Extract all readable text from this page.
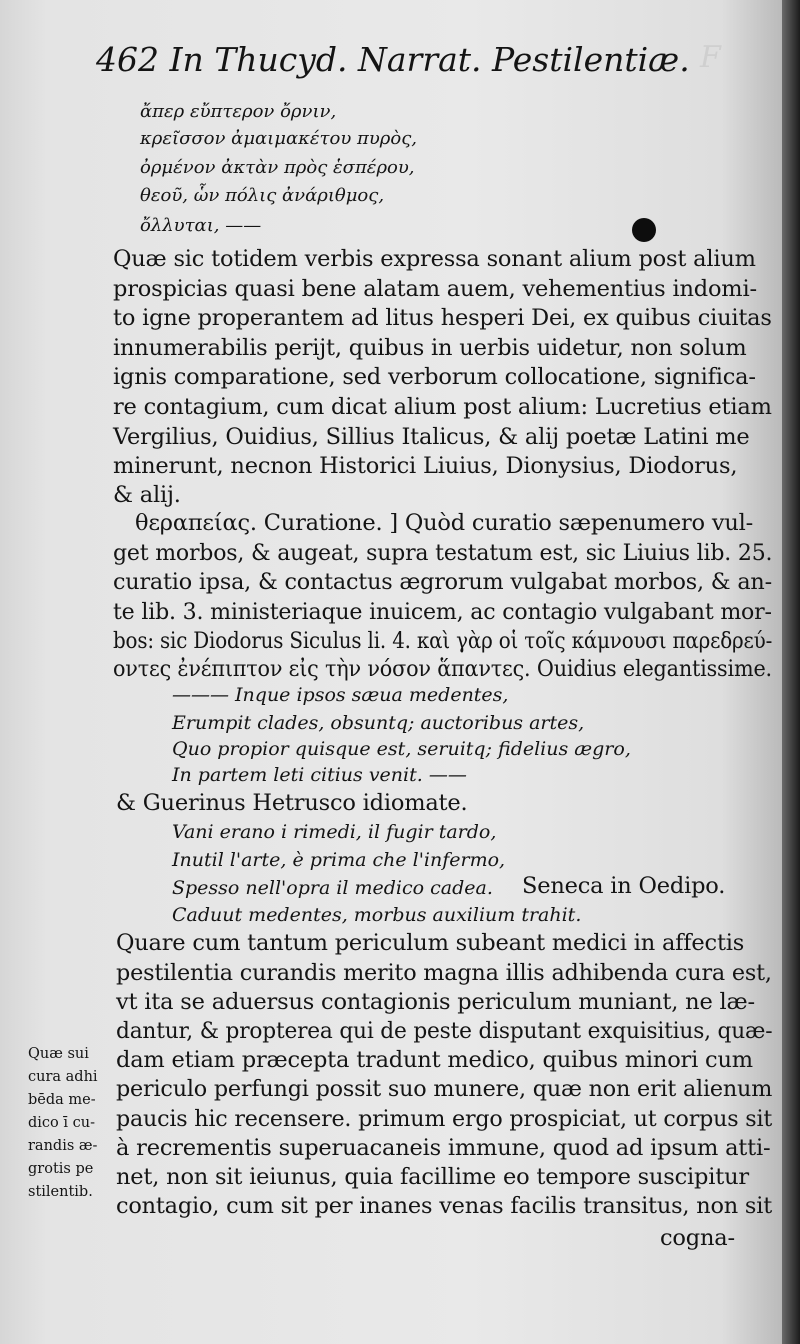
F
462 In Thucyd. Narrat. Pestilentiæ.
ἄπερ εὔπτερον ὄρνιν,
κρεῖσσον ἀμαιμακέτου πυρὸς,
ὀρμένον ἀκτὰν πρὸς ἑσπέρου,
θεοῦ, ὧν πόλις ἀνάριθμος,
ὄλλυται, ——
Quæ sic totidem verbis expressa sonant alium post alium
prospicias quasi bene alatam auem, vehementius indomi-
to igne properantem ad litus hesperi Dei, ex quibus ciuitas
innumerabilis perijt, quibus in uerbis uidetur, non solum
ignis comparatione, sed verborum collocatione, significa-
re contagium, cum dicat alium post alium: Lucretius etiam
Vergilius, Ouidius, Sillius Italicus, & alij poetæ Latini me
minerunt, necnon Historici Liuius, Dionysius, Diodorus,
& alij.
θεραπείας. Curatione. ] Quòd curatio sæpenumero vul-
get morbos, & augeat, supra testatum est, sic Liuius lib. 25.
curatio ipsa, & contactus ægrorum vulgabat morbos, & an-
te lib. 3. ministeriaque inuicem, ac contagio vulgabant mor-
bos: sic Diodorus Siculus li. 4. καὶ γὰρ οἱ τοῖς κάμνουσι παρεδρεύ-
οντες ἐνέπιπτον εἰς τὴν νόσον ἅπαντες. Ouidius elegantissime.
——— Inque ipsos sæua medentes,
Erumpit clades, obsuntq; auctoribus artes,
Quo propior quisque est, seruitq; fidelius ægro,
In partem leti citius venit. ——
& Guerinus Hetrusco idiomate.
Vani erano i rimedi, il fugir tardo,
Inutil l'arte, è prima che l'infermo,
Spesso nell'opra il medico cadea. Seneca in Oedipo.
Caduut medentes, morbus auxilium trahit.
Quare cum tantum periculum subeant medici in affectis
pestilentia curandis merito magna illis adhibenda cura est,
vt ita se aduersus contagionis periculum muniant, ne læ-
dantur, & propterea qui de peste disputant exquisitius, quæ-
dam etiam præcepta tradunt medico, quibus minori cum
periculo perfungi possit suo munere, quæ non erit alienum
paucis hic recensere. primum ergo prospiciat, ut corpus sit
à recrementis superuacaneis immune, quod ad ipsum atti-
net, non sit ieiunus, quia facillime eo tempore suscipitur
contagio, cum sit per inanes venas facilis transitus, non sit
cogna-
Quæ sui
cura adhi
bēda me-
dico ī cu-
randis æ-
grotis pe
stilentib.
